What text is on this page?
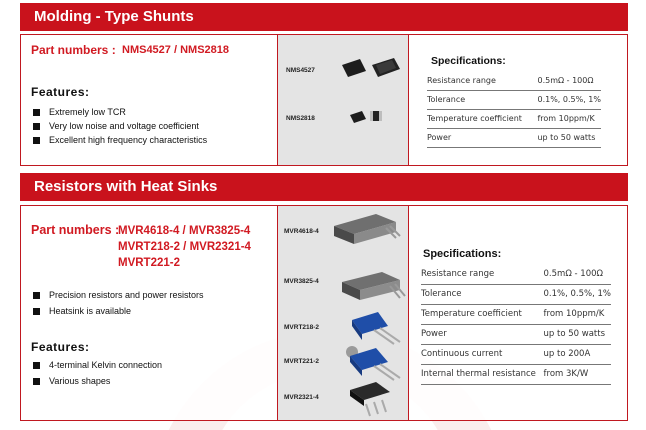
Molding - Type Shunts
Part numbers : NMS4527 / NMS2818
Features:
Extremely low TCR
Very low noise and voltage coefficient
Excellent high frequency characteristics
NMS4527
NMS2818
Specifications:
Resistance range	0.5mΩ - 100Ω
Tolerance	0.1%, 0.5%, 1%
Temperature coefficient	from 10ppm/K
Power	up to 50 watts
Resistors with Heat Sinks
Part numbers :
MVR4618-4 / MVR3825-4
MVRT218-2 / MVR2321-4
MVRT221-2
Precision resistors and power resistors
Heatsink is available
Features:
4-terminal Kelvin connection
Various shapes
MVR4618-4
MVR3825-4
MVRT218-2
MVRT221-2
MVR2321-4
Specifications:
Resistance range	0.5mΩ - 100Ω
Tolerance	0.1%, 0.5%, 1%
Temperature coefficient	from 10ppm/K
Power	up to 50 watts
Continuous current	up to 200A
Internal thermal resistance	from 3K/W
